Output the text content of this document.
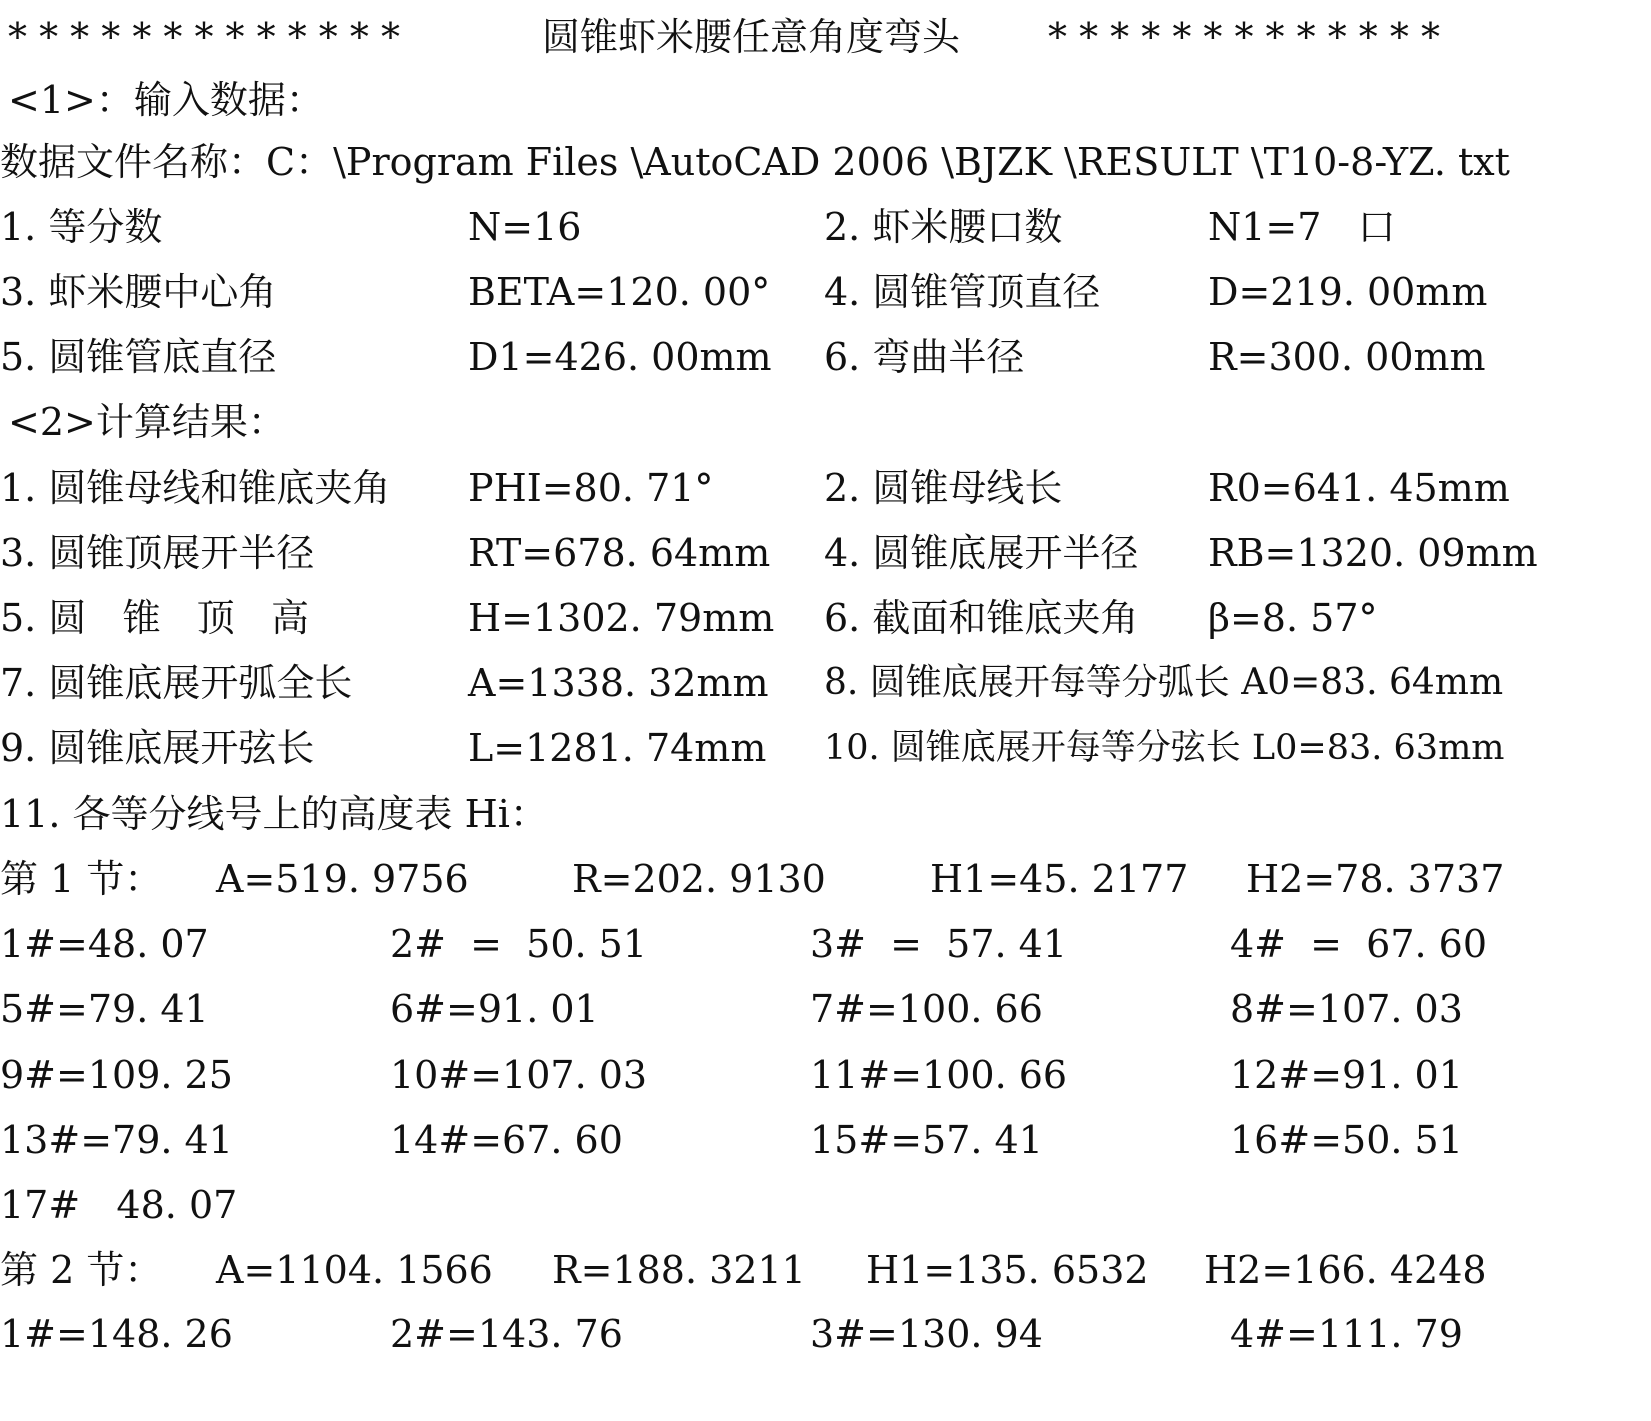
* * * * * * * * * * * * *	圆锥虾米腰任意角度弯头 * * * * * * * * * * * * *
<1>：输入数据：
数据文件名称：C：\Program Files \AutoCAD 2006 \BJZK \RESULT \T10-8-YZ. txt
1. 等分数	N=16	2. 虾米腰口数	N1=7   口
3. 虾米腰中心角	BETA=120. 00° 4. 圆锥管顶直径	D=219. 00mm
5. 圆锥管底直径	D1=426. 00mm 6. 弯曲半径	R=300. 00mm
<2>计算结果：
1. 圆锥母线和锥底夹角 PHI=80. 71°	2. 圆锥母线长	R0=641. 45mm
3. 圆锥顶展开半径	RT=678. 64mm 4. 圆锥底展开半径 RB=1320. 09mm
5. 圆   锥   顶   高	H=1302. 79mm 6. 截面和锥底夹角 β=8. 57°
7. 圆锥底展开弧全长	A=1338. 32mm 8. 圆锥底展开每等分弧长 A0=83. 64mm
9. 圆锥底展开弦长	L=1281. 74mm 10. 圆锥底展开每等分弦长 L0=83. 63mm
11. 各等分线号上的高度表 Hi：
第 1 节： A=519. 9756	R=202. 9130	H1=45. 2177 H2=78. 3737
1#=48. 07	2#  =  50. 51	3#  =  57. 41	4#  =  67. 60
5#=79. 41	6#=91. 01	7#=100. 66	8#=107. 03
9#=109. 25	10#=107. 03	11#=100. 66	12#=91. 01
13#=79. 41	14#=67. 60	15#=57. 41	16#=50. 51
17#   48. 07
第 2 节： A=1104. 1566 R=188. 3211 H1=135. 6532 H2=166. 4248
1#=148. 26	2#=143. 76	3#=130. 94	4#=111. 79
